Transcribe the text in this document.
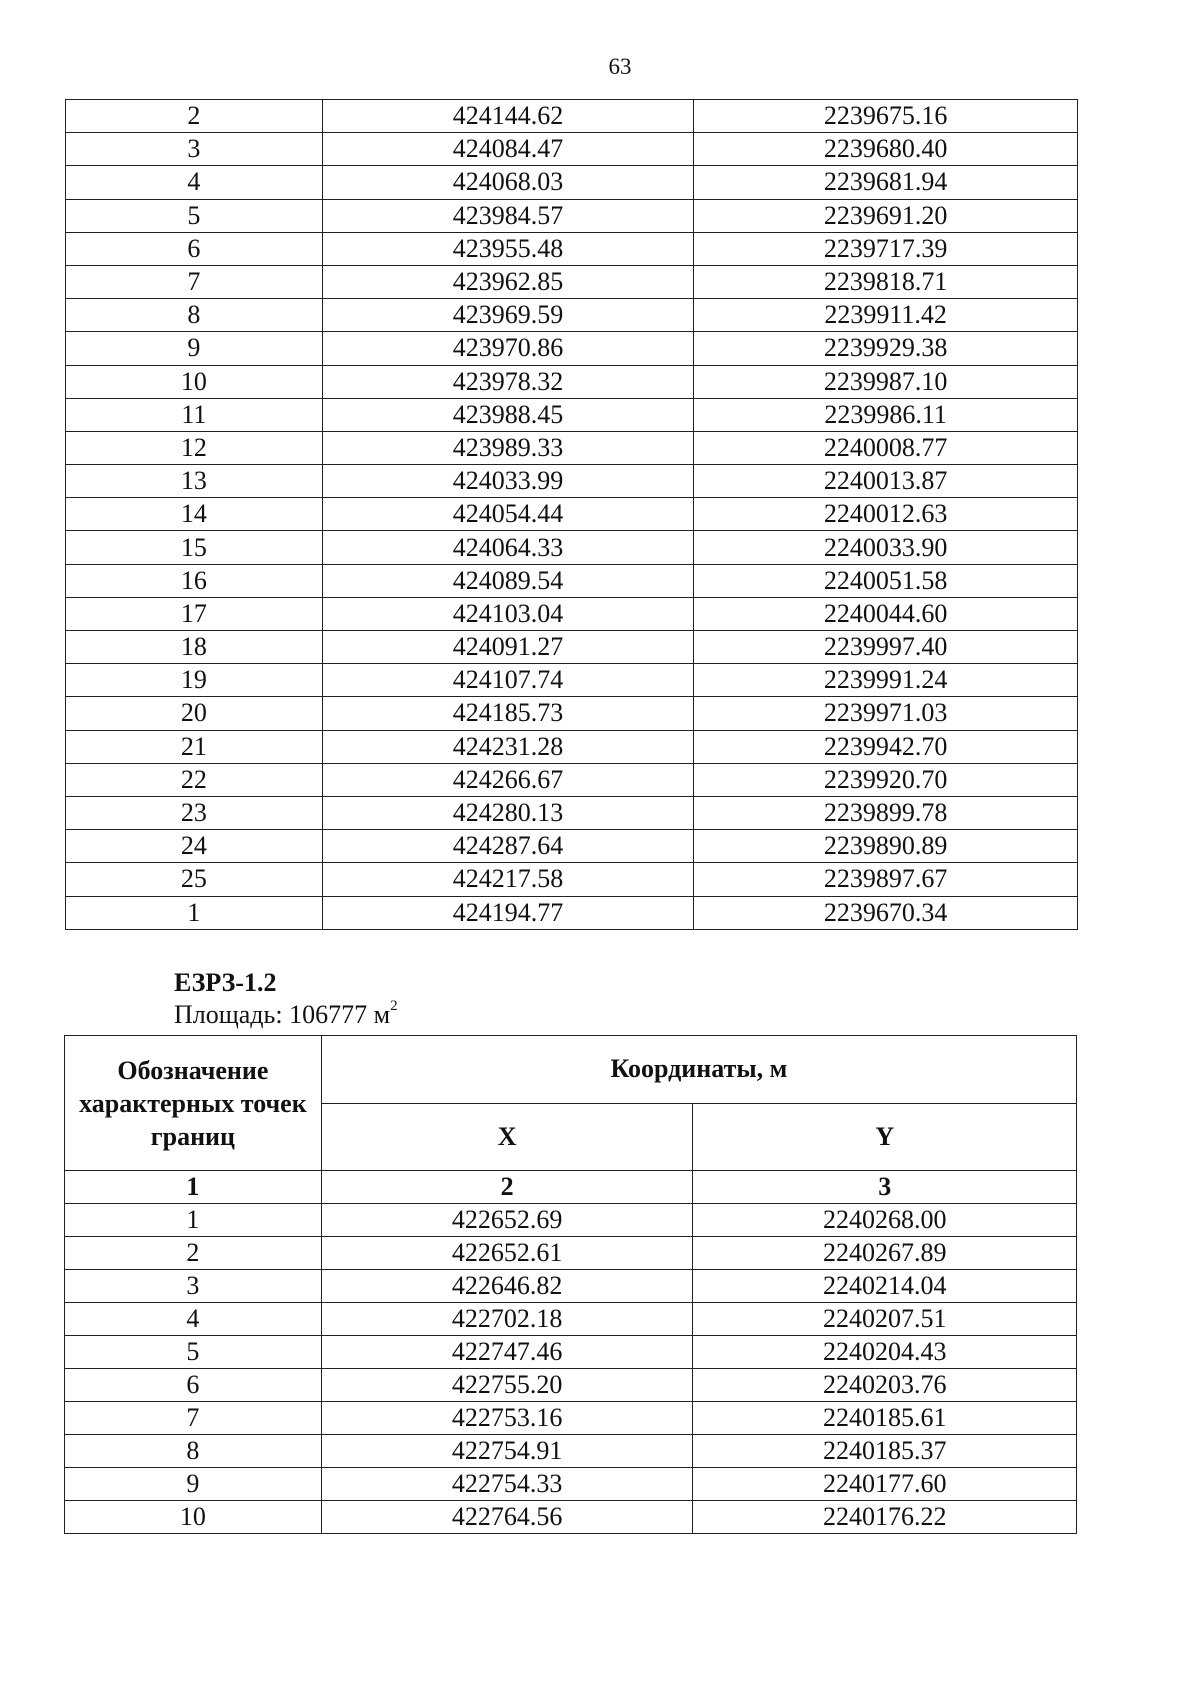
63
2	424144.62	2239675.16
3	424084.47	2239680.40
4	424068.03	2239681.94
5	423984.57	2239691.20
6	423955.48	2239717.39
7	423962.85	2239818.71
8	423969.59	2239911.42
9	423970.86	2239929.38
10	423978.32	2239987.10
11	423988.45	2239986.11
12	423989.33	2240008.77
13	424033.99	2240013.87
14	424054.44	2240012.63
15	424064.33	2240033.90
16	424089.54	2240051.58
17	424103.04	2240044.60
18	424091.27	2239997.40
19	424107.74	2239991.24
20	424185.73	2239971.03
21	424231.28	2239942.70
22	424266.67	2239920.70
23	424280.13	2239899.78
24	424287.64	2239890.89
25	424217.58	2239897.67
1	424194.77	2239670.34
ЕЗРЗ-1.2
Площадь: 106777 $м^2$
Обозначение характерных точек границ	Координаты, м	
	X	Y
1	2	3
1	422652.69	2240268.00
2	422652.61	2240267.89
3	422646.82	2240214.04
4	422702.18	2240207.51
5	422747.46	2240204.43
6	422755.20	2240203.76
7	422753.16	2240185.61
8	422754.91	2240185.37
9	422754.33	2240177.60
10	422764.56	2240176.22
